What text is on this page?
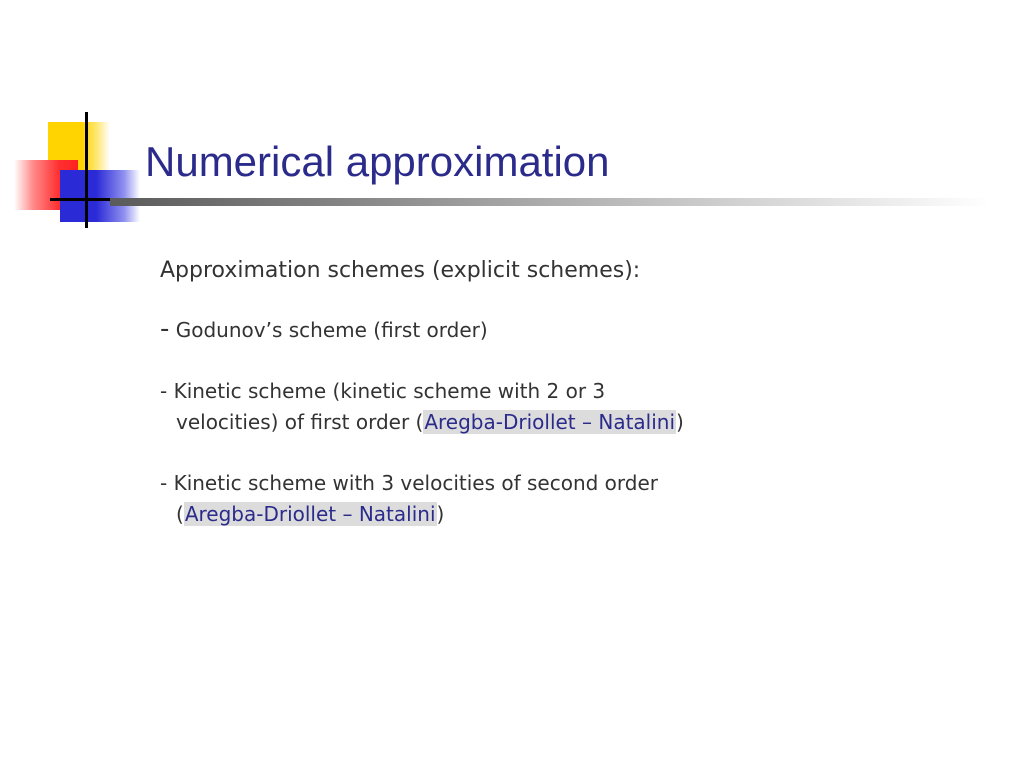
Numerical approximation

Approximation schemes (explicit schemes):

- Godunov’s scheme (first order)

- Kinetic scheme (kinetic scheme with 2 or 3
velocities) of first order (Aregba-Driollet – Natalini)

- Kinetic scheme with 3 velocities of second order
(Aregba-Driollet – Natalini)
